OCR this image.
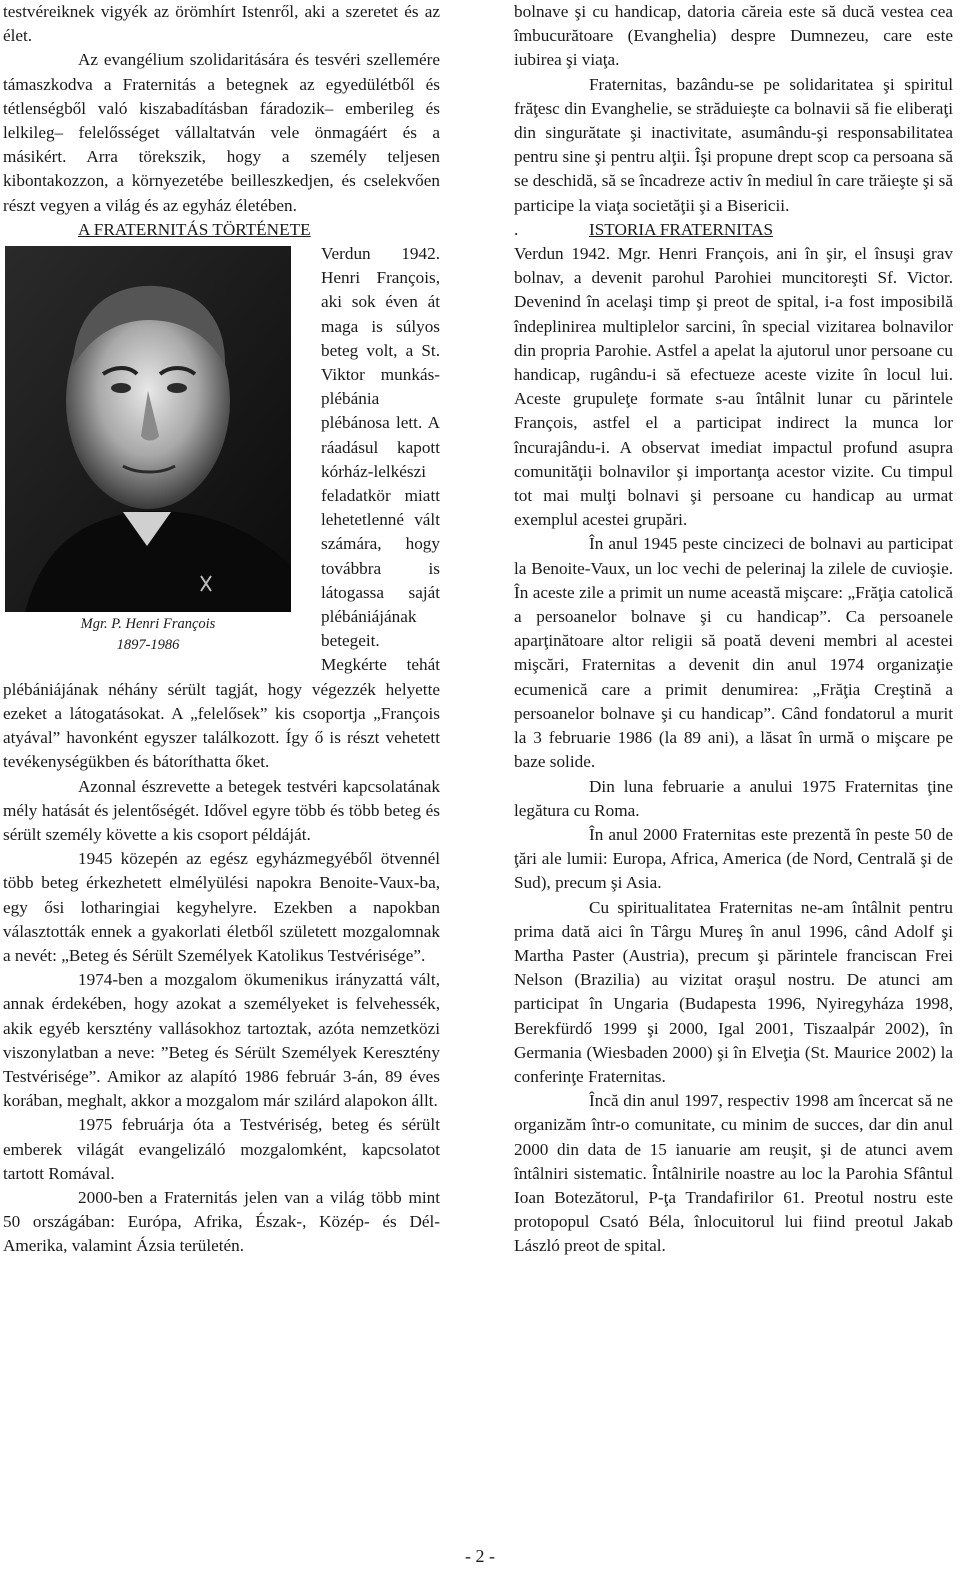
testvéreiknek vigyék az örömhírt Istenről, aki a szeretet és az élet.

Az evangélium szolidaritására és tesvéri szellemére támaszkodva a Fraternitás a betegnek az egyedülétből és tétlenségből való kiszabadításban fáradozik– emberileg és lelkileg– felelősséget vállaltatván vele önmagáért és a másikért. Arra törekszik, hogy a személy teljesen kibontakozzon, a környezetébe beilleszkedjen, és cselekvően részt vegyen a világ és az egyház életében.

A FRATERNITÁS TÖRTÉNETE

Mgr. P. Henri François
1897-1986

Verdun 1942. Henri François, aki sok éven át maga is súlyos beteg volt, a St. Viktor munkás-plébánia plébánosa lett. A ráadásul kapott kórház-lelkészi feladatkör miatt lehetetlenné vált számára, hogy továbbra is látogassa saját plébániájának betegeit. Megkérte tehát plébániájának néhány sérült tagját, hogy végezzék helyette ezeket a látogatásokat. A „felelősek” kis csoportja „François atyával” havonként egyszer találkozott. Így ő is részt vehetett tevékenységükben és bátoríthatta őket.

Azonnal észrevette a betegek testvéri kapcsolatának mély hatását és jelentőségét. Idővel egyre több és több beteg és sérült személy követte a kis csoport példáját.

1945 közepén az egész egyházmegyéből ötvennél több beteg érkezhetett elmélyülési napokra Benoite-Vaux-ba, egy ősi lotharingiai kegyhelyre. Ezekben a napokban választották ennek a gyakorlati életből született mozgalomnak a nevét: „Beteg és Sérült Személyek Katolikus Testvérisége”.

1974-ben a mozgalom ökumenikus irányzattá vált, annak érdekében, hogy azokat a személyeket is felvehessék, akik egyéb kersztény vallásokhoz tartoztak, azóta nemzetközi viszonylatban a neve: ”Beteg és Sérült Személyek Keresztény Testvérisége”. Amikor az alapító 1986 február 3-án, 89 éves korában, meghalt, akkor a mozgalom már szilárd alapokon állt.

1975 februárja óta a Testvériség, beteg és sérült emberek világát evangelizáló mozgalomként, kapcsolatot tartott Romával.

2000-ben a Fraternitás jelen van a világ több mint 50 országában: Európa, Afrika, Észak-, Közép- és Dél-Amerika, valamint Ázsia területén.

bolnave şi cu handicap, datoria căreia este să ducă vestea cea îmbucurătoare (Evanghelia) despre Dumnezeu, care este iubirea şi viaţa.

Fraternitas, bazându-se pe solidaritatea şi spiritul frăţesc din Evanghelie, se străduieşte ca bolnavii să fie eliberaţi din singurătate şi inactivitate, asumându-şi responsabilitatea pentru sine şi pentru alţii. Îşi propune drept scop ca persoana să se deschidă, să se încadreze activ în mediul în care trăieşte şi să participe la viaţa societăţii şi a Bisericii.

.	ISTORIA FRATERNITAS

Verdun 1942. Mgr. Henri François, ani în şir, el însuşi grav bolnav, a devenit parohul Parohiei muncitoreşti Sf. Victor. Devenind în acelaşi timp şi preot de spital, i-a fost imposibilă îndeplinirea multiplelor sarcini, în special vizitarea bolnavilor din propria Parohie. Astfel a apelat la ajutorul unor persoane cu handicap, rugându-i să efectueze aceste vizite în locul lui. Aceste grupuleţe formate s-au întâlnit lunar cu părintele François, astfel el a participat indirect la munca lor încurajându-i. A observat imediat impactul profund asupra comunităţii bolnavilor şi importanţa acestor vizite. Cu timpul tot mai mulţi bolnavi şi persoane cu handicap au urmat exemplul acestei grupări.

În anul 1945 peste cincizeci de bolnavi au participat la Benoite-Vaux, un loc vechi de pelerinaj la zilele de cuvioşie. În aceste zile a primit un nume această mişcare: „Frăţia catolică a persoanelor bolnave şi cu handicap”. Ca persoanele aparţinătoare altor religii să poată deveni membri al acestei mişcări, Fraternitas a devenit din anul 1974 organizaţie ecumenică care a primit denumirea: „Frăţia Creştină a persoanelor bolnave şi cu handicap”. Când fondatorul a murit la 3 februarie 1986 (la 89 ani), a lăsat în urmă o mişcare pe baze solide.

Din luna februarie a anului 1975 Fraternitas ţine legătura cu Roma.

În anul 2000 Fraternitas este prezentă în peste 50 de ţări ale lumii: Europa, Africa, America (de Nord, Centrală şi de Sud), precum şi Asia.

Cu spiritualitatea Fraternitas ne-am întâlnit pentru prima dată aici în Târgu Mureş în anul 1996, când Adolf şi Martha Paster (Austria), precum şi părintele franciscan Frei Nelson (Brazilia) au vizitat oraşul nostru. De atunci am participat în Ungaria (Budapesta 1996, Nyiregyháza 1998, Berekfürdő 1999 şi 2000, Igal 2001, Tiszaalpár 2002), în Germania (Wiesbaden 2000) şi în Elveţia (St. Maurice 2002) la conferinţe Fraternitas.

Încă din anul 1997, respectiv 1998 am încercat să ne organizăm într-o comunitate, cu minim de succes, dar din anul 2000 din data de 15 ianuarie am reuşit, şi de atunci avem întâlniri sistematic. Întâlnirile noastre au loc la Parohia Sfântul Ioan Botezătorul, P-ţa Trandafirilor 61. Preotul nostru este protopopul Csató Béla, înlocuitorul lui fiind preotul Jakab László preot de spital.

- 2 -
